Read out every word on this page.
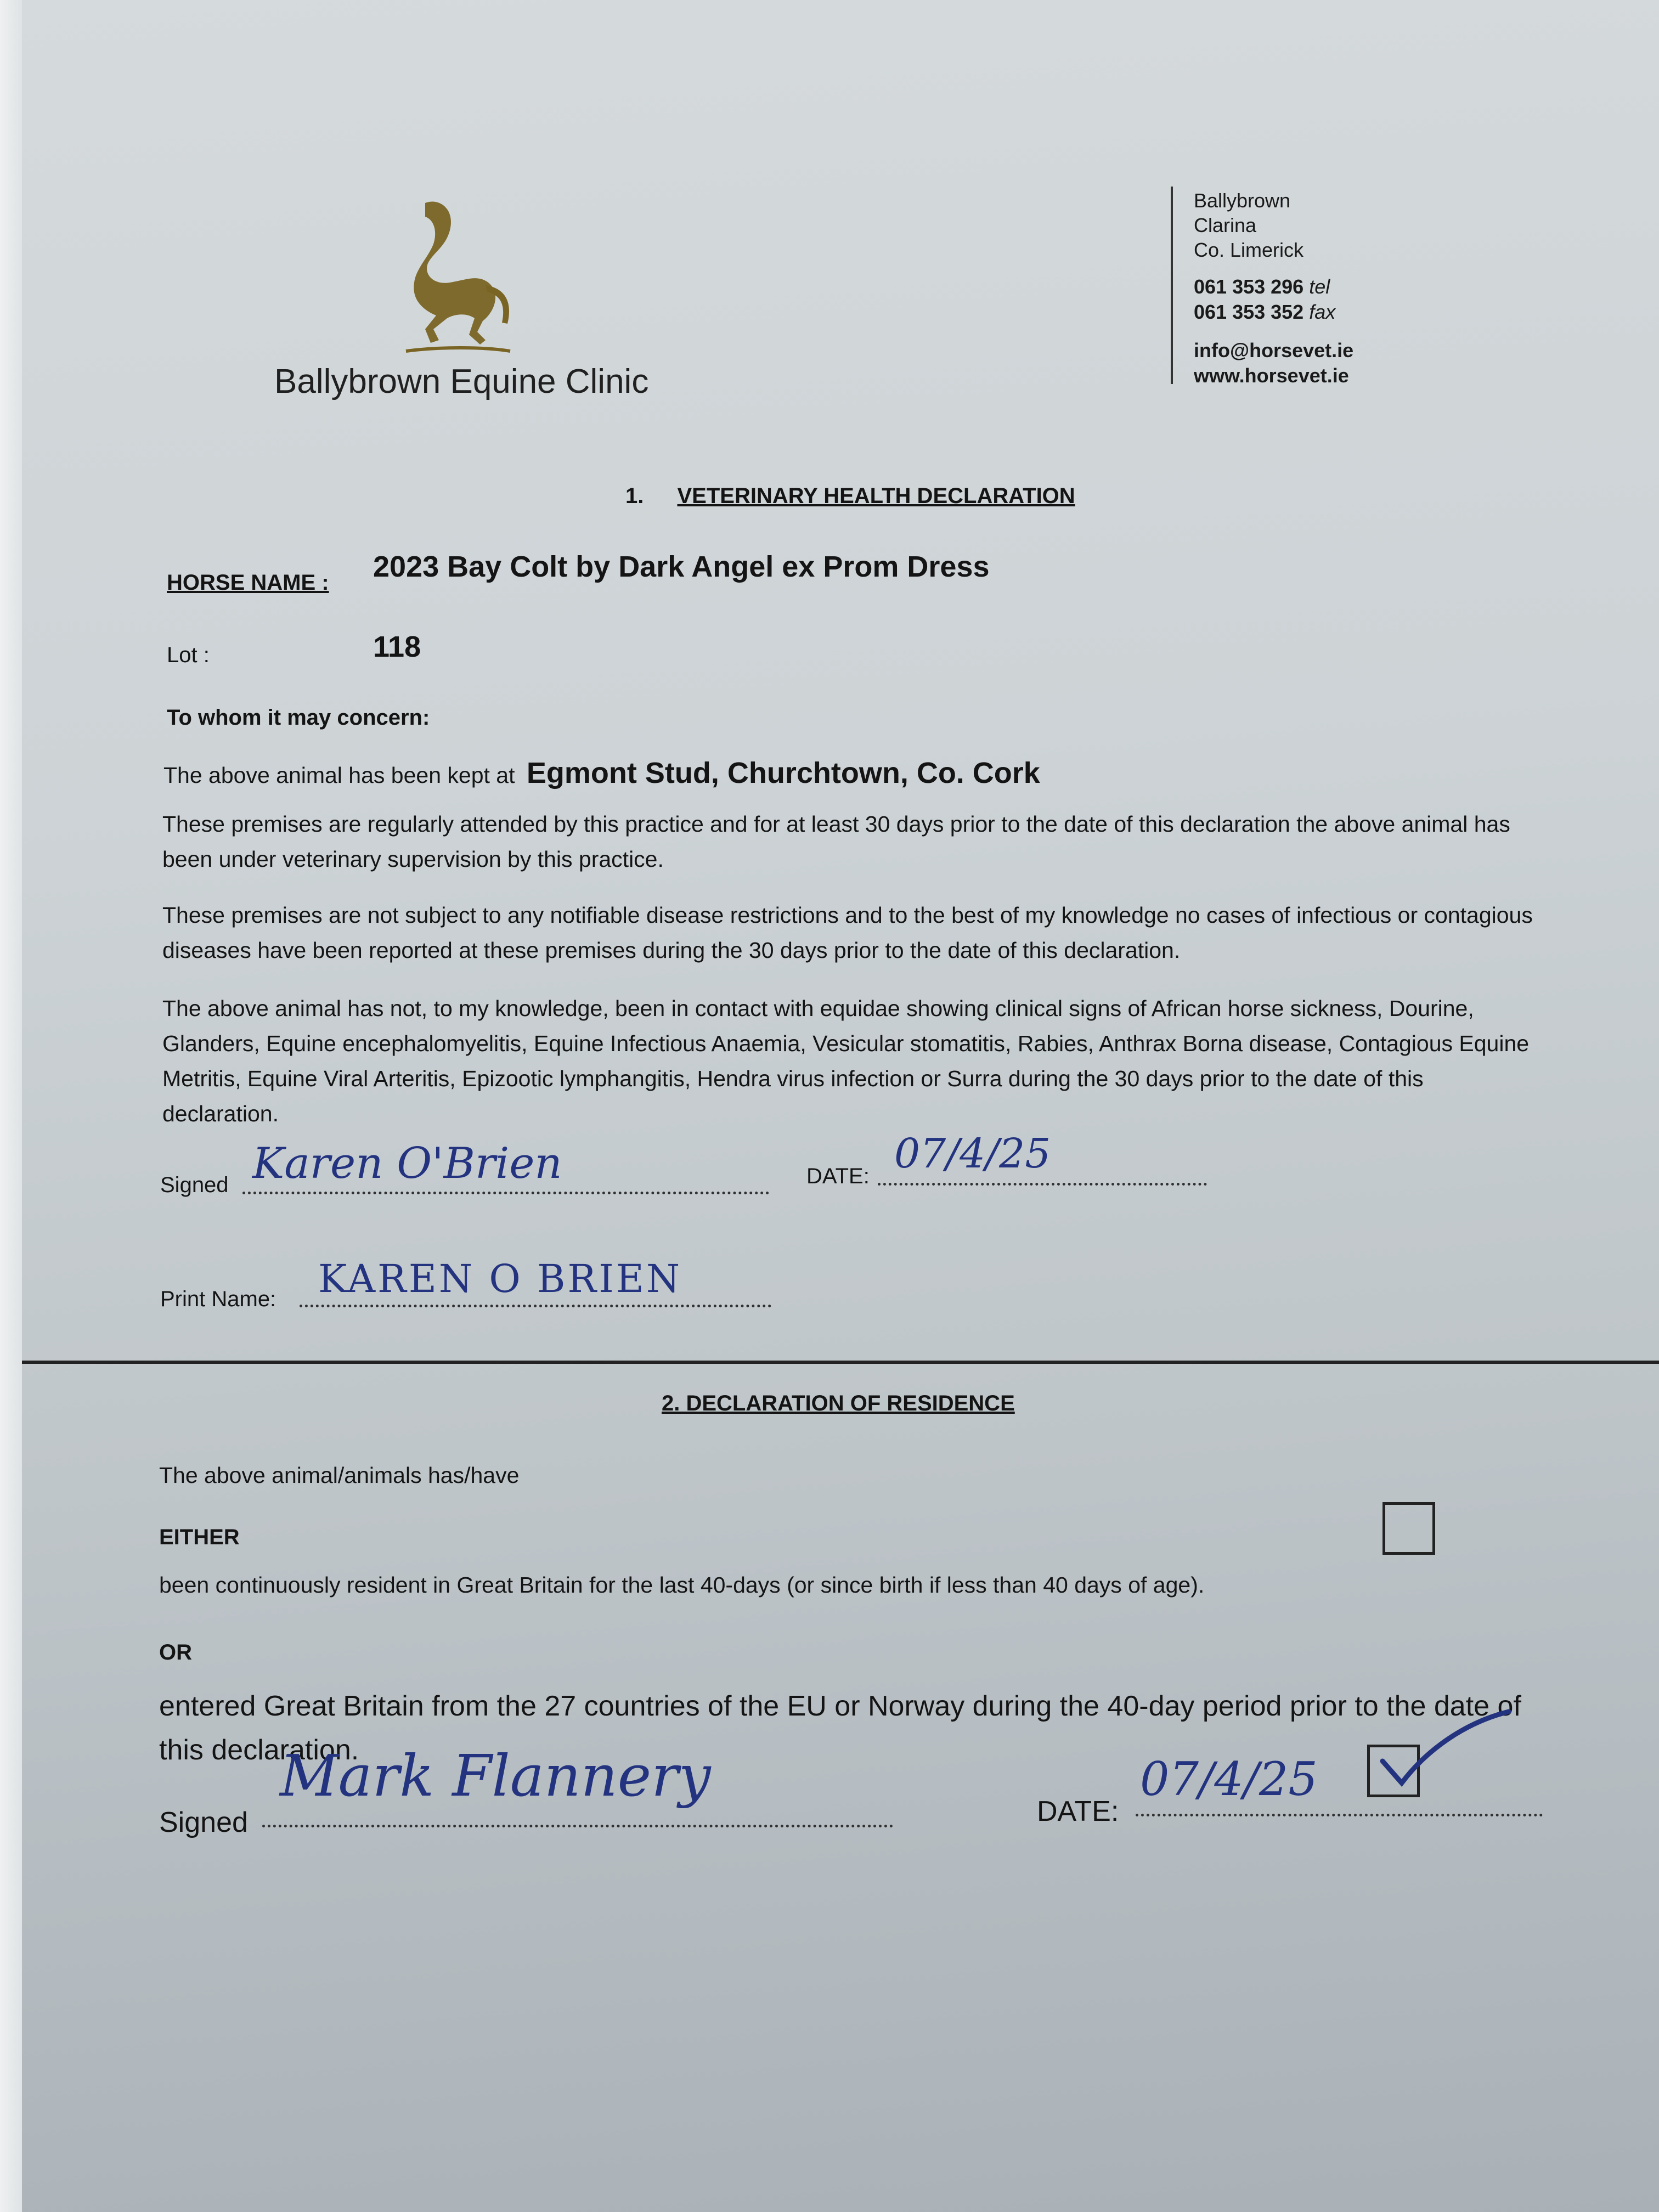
Ballybrown Equine Clinic
Ballybrown
Clarina
Co. Limerick
061 353 296 tel
061 353 352 fax
info@horsevet.ie
www.horsevet.ie
1. VETERINARY HEALTH DECLARATION
HORSE NAME : 2023 Bay Colt by Dark Angel ex Prom Dress
Lot :	118
To whom it may concern:
The above animal has been kept at Egmont Stud, Churchtown, Co. Cork
These premises are regularly attended by this practice and for at least 30 days prior to the date of this declaration the above animal has been under veterinary supervision by this practice.
These premises are not subject to any notifiable disease restrictions and to the best of my knowledge no cases of infectious or contagious diseases have been reported at these premises during the 30 days prior to the date of this declaration.
The above animal has not, to my knowledge, been in contact with equidae showing clinical signs of African horse sickness, Dourine, Glanders, Equine encephalomyelitis, Equine Infectious Anaemia, Vesicular stomatitis, Rabies, Anthrax Borna disease, Contagious Equine Metritis, Equine Viral Arteritis, Epizootic lymphangitis, Hendra virus infection or Surra during the 30 days prior to the date of this declaration.
Signed Karen O'Brien	DATE: 07/4/25
Print Name: KAREN O BRIEN
2. DECLARATION OF RESIDENCE
The above animal/animals has/have
EITHER
been continuously resident in Great Britain for the last 40-days (or since birth if less than 40 days of age).
OR
entered Great Britain from the 27 countries of the EU or Norway during the 40-day period prior to the date of this declaration.
Signed
Mark Flannery
DATE:
07/4/25
